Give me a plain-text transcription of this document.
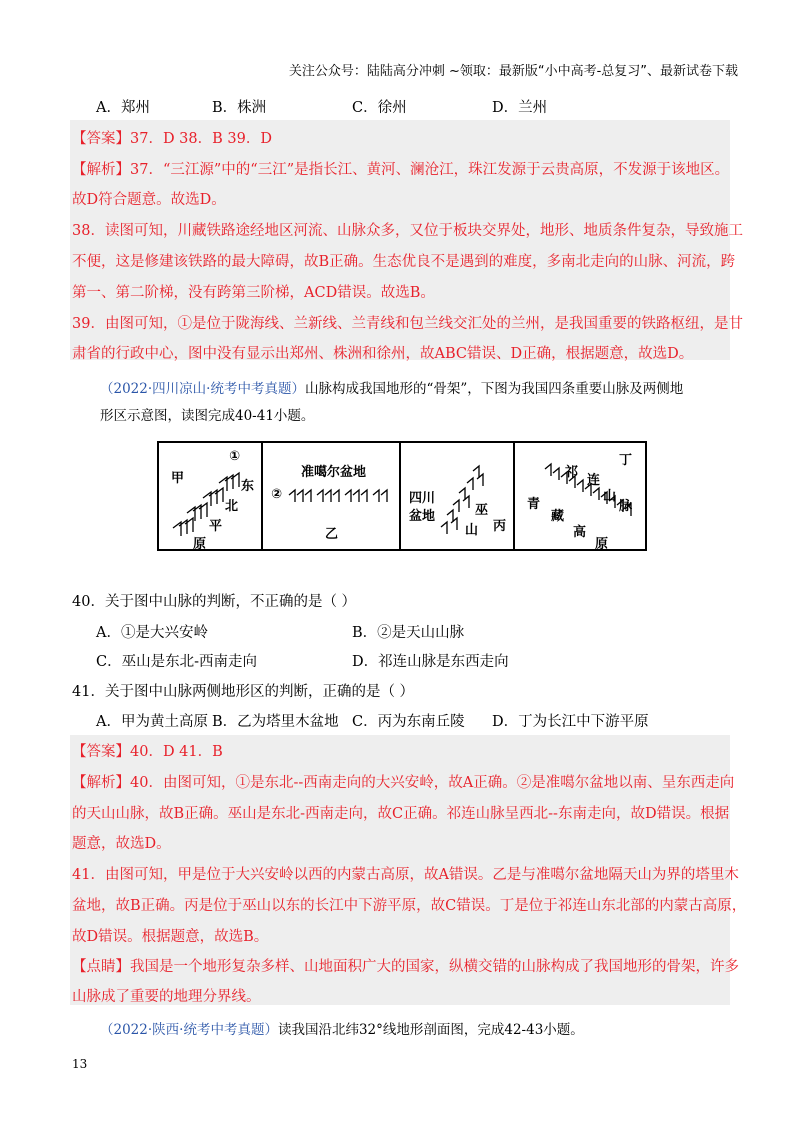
关注公众号：陆陆高分冲刺 ~领取：最新版“小中高考-总复习”、最新试卷下载
A．郑州	B．株洲	C．徐州	D．兰州
【答案】37．D 38．B 39．D
【解析】37．“三江源”中的“三江”是指长江、黄河、澜沧江，珠江发源于云贵高原，不发源于该地区。
故D符合题意。故选D。
38．读图可知，川藏铁路途经地区河流、山脉众多，又位于板块交界处，地形、地质条件复杂，导致施工
不便，这是修建该铁路的最大障碍，故B正确。生态优良不是遇到的难度，多南北走向的山脉、河流，跨
第一、第二阶梯，没有跨第三阶梯，ACD错误。故选B。
39．由图可知，①是位于陇海线、兰新线、兰青线和包兰线交汇处的兰州，是我国重要的铁路枢纽，是甘
肃省的行政中心，图中没有显示出郑州、株洲和徐州，故ABC错误、D正确，根据题意，故选D。
（2022·四川凉山·统考中考真题）山脉构成我国地形的“骨架”，下图为我国四条重要山脉及两侧地
形区示意图，读图完成40-41小题。
甲
①
东
北
平
原
准噶尔盆地
②
乙
四川
盆地	巫
山 丙
丁
祁
连
山
脉
青
藏
高
原
40．关于图中山脉的判断，不正确的是（ ）
A．①是大兴安岭	B．②是天山山脉
C．巫山是东北-西南走向	D．祁连山脉是东西走向
41．关于图中山脉两侧地形区的判断，正确的是（ ）
A．甲为黄土高原 B．乙为塔里木盆地 C．丙为东南丘陵 D．丁为长江中下游平原
【答案】40．D 41．B
【解析】40．由图可知，①是东北--西南走向的大兴安岭，故A正确。②是准噶尔盆地以南、呈东西走向
的天山山脉，故B正确。巫山是东北-西南走向，故C正确。祁连山脉呈西北--东南走向，故D错误。根据
题意，故选D。
41．由图可知，甲是位于大兴安岭以西的内蒙古高原，故A错误。乙是与准噶尔盆地隔天山为界的塔里木
盆地，故B正确。丙是位于巫山以东的长江中下游平原，故C错误。丁是位于祁连山东北部的内蒙古高原，
故D错误。根据题意，故选B。
【点睛】我国是一个地形复杂多样、山地面积广大的国家，纵横交错的山脉构成了我国地形的骨架，许多
山脉成了重要的地理分界线。
（2022·陕西·统考中考真题）读我国沿北纬32°线地形剖面图，完成42-43小题。
13
